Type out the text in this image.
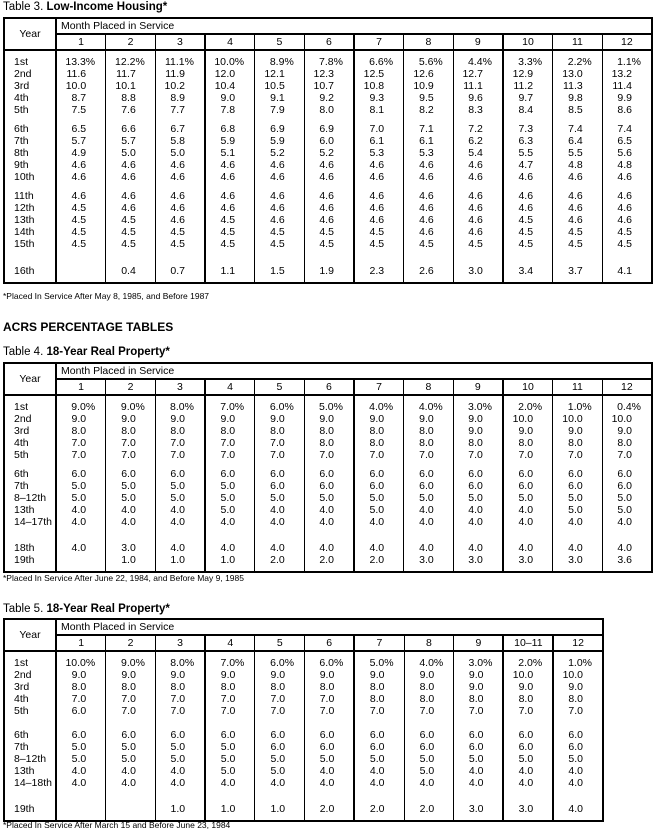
Table 3. Low-Income Housing*
Year	Month Placed in Service											
	1	2	3	4	5	6	7	8	9	10	11	12

1st	13.3%	12.2%	11.1%	10.0%	8.9%	7.8%	6.6%	5.6%	4.4%	3.3%	2.2%	1.1%
2nd	11.6	11.7	11.9	12.0	12.1	12.3	12.5	12.6	12.7	12.9	13.0	13.2
3rd	10.0	10.1	10.2	10.4	10.5	10.7	10.8	10.9	11.1	11.2	11.3	11.4
4th	8.7	8.8	8.9	9.0	9.1	9.2	9.3	9.5	9.6	9.7	9.8	9.9
5th	7.5	7.6	7.7	7.8	7.9	8.0	8.1	8.2	8.3	8.4	8.5	8.6

6th	6.5	6.6	6.7	6.8	6.9	6.9	7.0	7.1	7.2	7.3	7.4	7.4
7th	5.7	5.7	5.8	5.9	5.9	6.0	6.1	6.1	6.2	6.3	6.4	6.5
8th	4.9	5.0	5.0	5.1	5.2	5.2	5.3	5.3	5.4	5.5	5.5	5.6
9th	4.6	4.6	4.6	4.6	4.6	4.6	4.6	4.6	4.6	4.7	4.8	4.8
10th	4.6	4.6	4.6	4.6	4.6	4.6	4.6	4.6	4.6	4.6	4.6	4.6

11th	4.6	4.6	4.6	4.6	4.6	4.6	4.6	4.6	4.6	4.6	4.6	4.6
12th	4.5	4.6	4.6	4.6	4.6	4.6	4.6	4.6	4.6	4.6	4.6	4.6
13th	4.5	4.5	4.6	4.5	4.6	4.6	4.6	4.6	4.6	4.5	4.6	4.6
14th	4.5	4.5	4.5	4.5	4.5	4.5	4.5	4.6	4.6	4.5	4.5	4.5
15th	4.5	4.5	4.5	4.5	4.5	4.5	4.5	4.5	4.5	4.5	4.5	4.5

16th		0.4	0.7	1.1	1.5	1.9	2.3	2.6	3.0	3.4	3.7	4.1

*Placed In Service After May 8, 1985, and Before 1987
ACRS PERCENTAGE TABLES
Table 4. 18-Year Real Property*
Year	Month Placed in Service											
	1	2	3	4	5	6	7	8	9	10	11	12

1st	9.0%	9.0%	8.0%	7.0%	6.0%	5.0%	4.0%	4.0%	3.0%	2.0%	1.0%	0.4%
2nd	9.0	9.0	9.0	9.0	9.0	9.0	9.0	9.0	9.0	10.0	10.0	10.0
3rd	8.0	8.0	8.0	8.0	8.0	8.0	8.0	8.0	9.0	9.0	9.0	9.0
4th	7.0	7.0	7.0	7.0	7.0	8.0	8.0	8.0	8.0	8.0	8.0	8.0
5th	7.0	7.0	7.0	7.0	7.0	7.0	7.0	7.0	7.0	7.0	7.0	7.0

6th	6.0	6.0	6.0	6.0	6.0	6.0	6.0	6.0	6.0	6.0	6.0	6.0
7th	5.0	5.0	5.0	5.0	6.0	6.0	6.0	6.0	6.0	6.0	6.0	6.0
8–12th	5.0	5.0	5.0	5.0	5.0	5.0	5.0	5.0	5.0	5.0	5.0	5.0
13th	4.0	4.0	4.0	5.0	4.0	4.0	5.0	4.0	4.0	4.0	5.0	5.0
14–17th	4.0	4.0	4.0	4.0	4.0	4.0	4.0	4.0	4.0	4.0	4.0	4.0

18th	4.0	3.0	4.0	4.0	4.0	4.0	4.0	4.0	4.0	4.0	4.0	4.0
19th		1.0	1.0	1.0	2.0	2.0	2.0	3.0	3.0	3.0	3.0	3.6

*Placed In Service After June 22, 1984, and Before May 9, 1985
Table 5. 18-Year Real Property*
Year	Month Placed in Service										
	1	2	3	4	5	6	7	8	9	10–11	12

1st	10.0%	9.0%	8.0%	7.0%	6.0%	6.0%	5.0%	4.0%	3.0%	2.0%	1.0%
2nd	9.0	9.0	9.0	9.0	9.0	9.0	9.0	9.0	9.0	10.0	10.0
3rd	8.0	8.0	8.0	8.0	8.0	8.0	8.0	8.0	9.0	9.0	9.0
4th	7.0	7.0	7.0	7.0	7.0	7.0	8.0	8.0	8.0	8.0	8.0
5th	6.0	7.0	7.0	7.0	7.0	7.0	7.0	7.0	7.0	7.0	7.0

6th	6.0	6.0	6.0	6.0	6.0	6.0	6.0	6.0	6.0	6.0	6.0
7th	5.0	5.0	5.0	5.0	6.0	6.0	6.0	6.0	6.0	6.0	6.0
8–12th	5.0	5.0	5.0	5.0	5.0	5.0	5.0	5.0	5.0	5.0	5.0
13th	4.0	4.0	4.0	5.0	5.0	4.0	4.0	5.0	4.0	4.0	4.0
14–18th	4.0	4.0	4.0	4.0	4.0	4.0	4.0	4.0	4.0	4.0	4.0

19th			1.0	1.0	1.0	2.0	2.0	2.0	3.0	3.0	4.0

*Placed In Service After March 15 and Before June 23, 1984
